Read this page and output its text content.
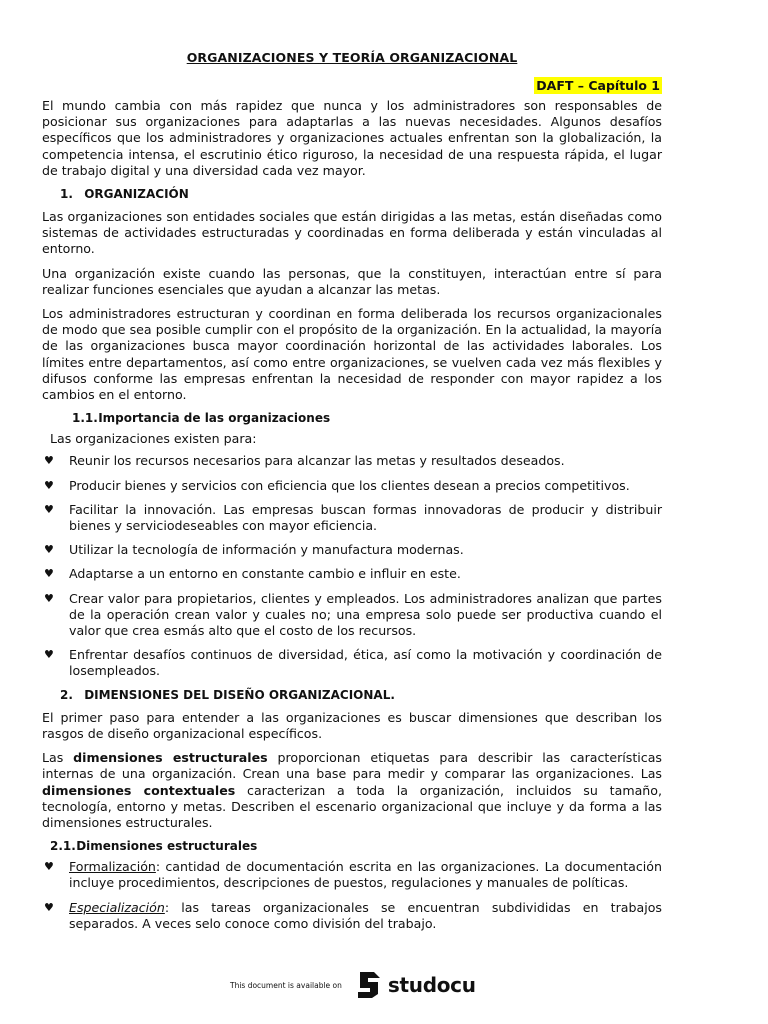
ORGANIZACIONES Y TEORÍA ORGANIZACIONAL
DAFT – Capítulo 1

El mundo cambia con más rapidez que nunca y los administradores son responsables de posicionar sus organizaciones para adaptarlas a las nuevas necesidades. Algunos desafíos específicos que los administradores y organizaciones actuales enfrentan son la globalización, la competencia intensa, el escrutinio ético riguroso, la necesidad de una respuesta rápida, el lugar de trabajo digital y una diversidad cada vez mayor.

1. ORGANIZACIÓN

Las organizaciones son entidades sociales que están dirigidas a las metas, están diseñadas como sistemas de actividades estructuradas y coordinadas en forma deliberada y están vinculadas al entorno.

Una organización existe cuando las personas, que la constituyen, interactúan entre sí para realizar funciones esenciales que ayudan a alcanzar las metas.

Los administradores estructuran y coordinan en forma deliberada los recursos organizacionales de modo que sea posible cumplir con el propósito de la organización. En la actualidad, la mayoría de las organizaciones busca mayor coordinación horizontal de las actividades laborales. Los límites entre departamentos, así como entre organizaciones, se vuelven cada vez más flexibles y difusos conforme las empresas enfrentan la necesidad de responder con mayor rapidez a los cambios en el entorno.

1.1. Importancia de las organizaciones
Las organizaciones existen para:
♥ Reunir los recursos necesarios para alcanzar las metas y resultados deseados.
♥ Producir bienes y servicios con eficiencia que los clientes desean a precios competitivos.
♥ Facilitar la innovación. Las empresas buscan formas innovadoras de producir y distribuir bienes y serviciodeseables con mayor eficiencia.
♥ Utilizar la tecnología de información y manufactura modernas.
♥ Adaptarse a un entorno en constante cambio e influir en este.
♥ Crear valor para propietarios, clientes y empleados. Los administradores analizan que partes de la operación crean valor y cuales no; una empresa solo puede ser productiva cuando el valor que crea esmás alto que el costo de los recursos.
♥ Enfrentar desafíos continuos de diversidad, ética, así como la motivación y coordinación de losempleados.
2. DIMENSIONES DEL DISEÑO ORGANIZACIONAL.

El primer paso para entender a las organizaciones es buscar dimensiones que describan los rasgos de diseño organizacional específicos.

Las dimensiones estructurales proporcionan etiquetas para describir las características internas de una organización. Crean una base para medir y comparar las organizaciones. Las dimensiones contextuales caracterizan a toda la organización, incluidos su tamaño, tecnología, entorno y metas. Describen el escenario organizacional que incluye y da forma a las dimensiones estructurales.

2.1. Dimensiones estructurales
♥ Formalización: cantidad de documentación escrita en las organizaciones. La documentación incluye procedimientos, descripciones de puestos, regulaciones y manuales de políticas.
♥ Especialización: las tareas organizacionales se encuentran subdivididas en trabajos separados. A veces selo conoce como división del trabajo.
This document is available on studocu
